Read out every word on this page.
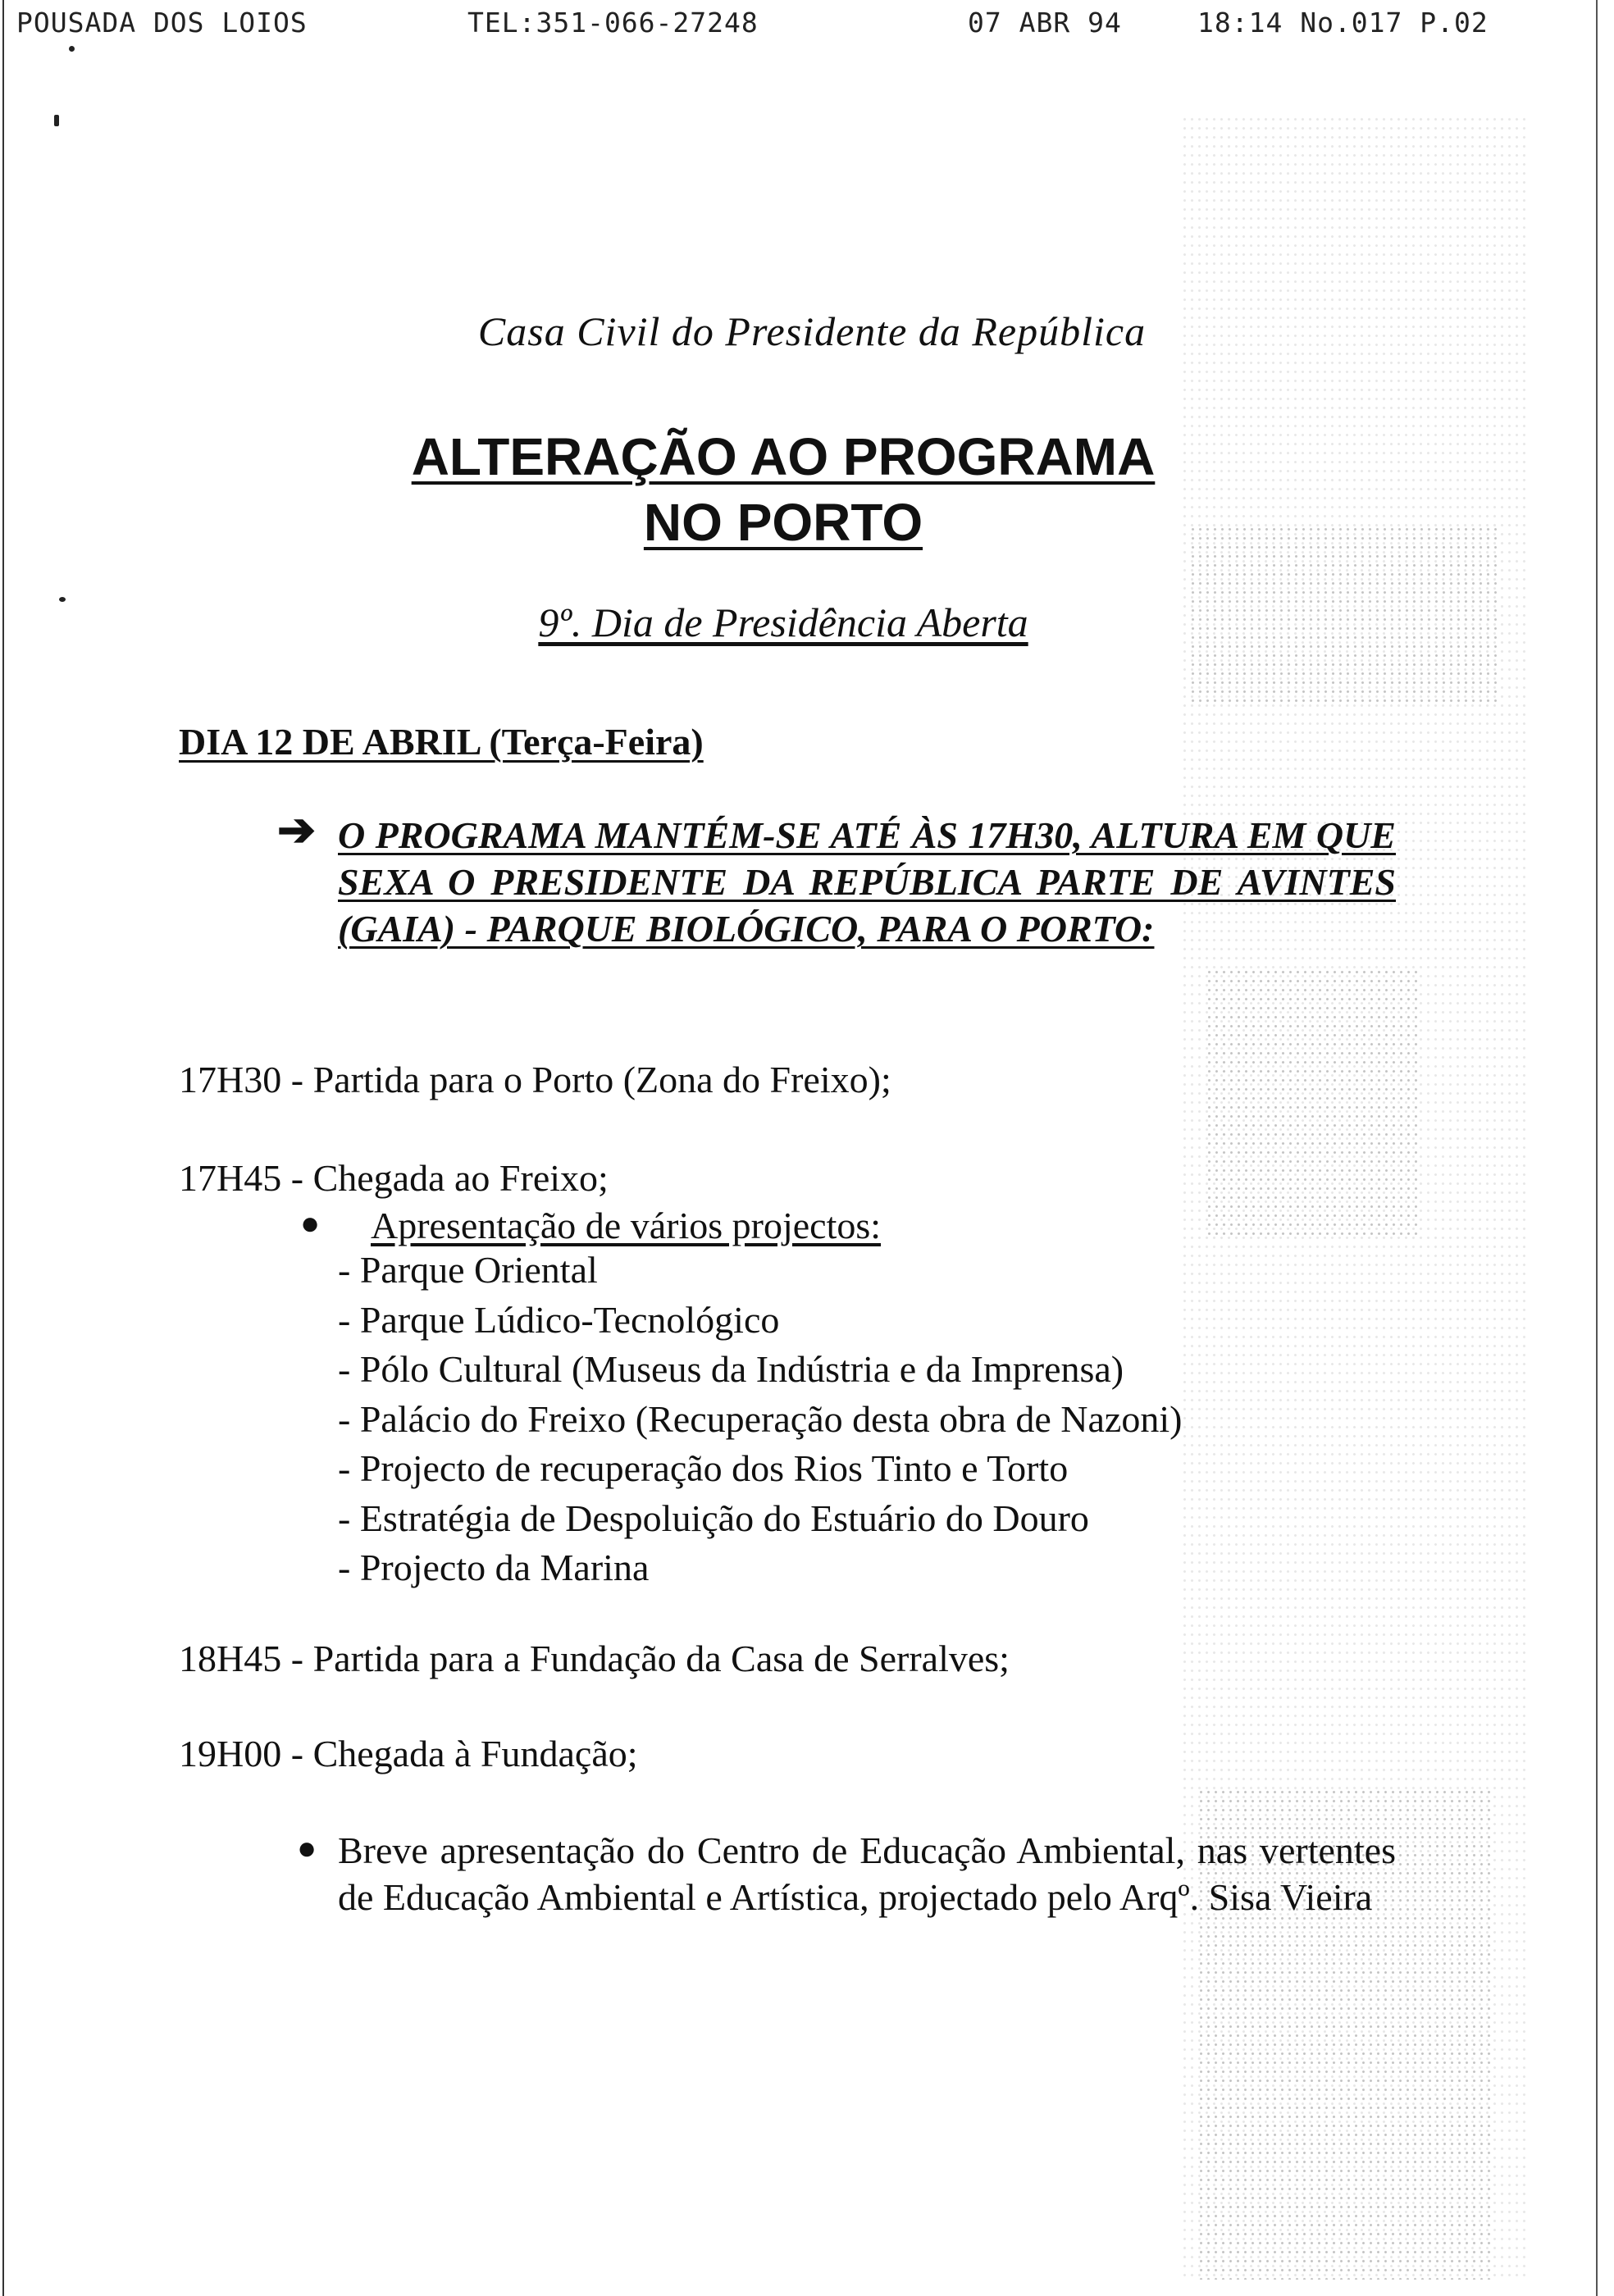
POUSADA DOS LOIOS	TEL:351-066-27248	07 ABR 94	18:14 No.017 P.02
Casa Civil do Presidente da República
ALTERAÇÃO AO PROGRAMA
NO PORTO
9º. Dia de Presidência Aberta
DIA 12 DE ABRIL (Terça-Feira)
➔ O PROGRAMA MANTÉM-SE ATÉ ÀS 17H30, ALTURA EM QUE SEXA O PRESIDENTE DA REPÚBLICA PARTE DE AVINTES (GAIA) - PARQUE BIOLÓGICO, PARA O PORTO:
17H30 - Partida para o Porto (Zona do Freixo);
17H45 - Chegada ao Freixo;
● Apresentação de vários projectos:
- Parque Oriental
- Parque Lúdico-Tecnológico
- Pólo Cultural (Museus da Indústria e da Imprensa)
- Palácio do Freixo (Recuperação desta obra de Nazoni)
- Projecto de recuperação dos Rios Tinto e Torto
- Estratégia de Despoluição do Estuário do Douro
- Projecto da Marina
18H45 - Partida para a Fundação da Casa de Serralves;
19H00 - Chegada à Fundação;
● Breve apresentação do Centro de Educação Ambiental, nas vertentes de Educação Ambiental e Artística, projectado pelo Arqº. Sisa Vieira
